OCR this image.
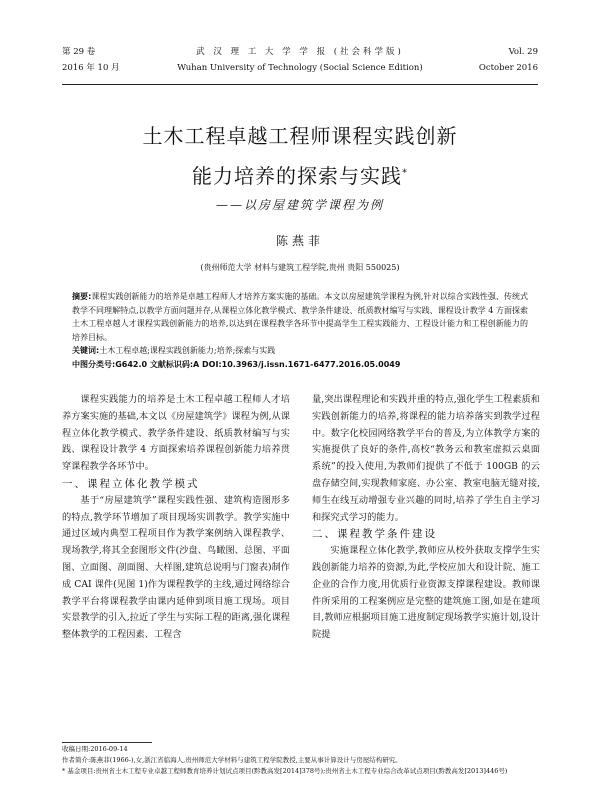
第 29 卷
2016 年 10 月
武 汉 理 工 大 学 学 报 (社会科学版)
Wuhan University of Technology (Social Science Edition)
Vol. 29
October 2016
土木工程卓越工程师课程实践创新
能力培养的探索与实践*
——以房屋建筑学课程为例
陈燕菲
(贵州师范大学 材料与建筑工程学院,贵州 贵阳 550025)

摘要:课程实践创新能力的培养是卓越工程师人才培养方案实施的基础。本文以房屋建筑学课程为例,针对以综合实践性强、传统式教学不同理解特点,以教学方面问题并存,从课程立体化教学模式、教学条件建设、纸质教材编写与实践、课程设计教学 4 方面探索土木工程卓越人才课程实践创新能力的培养,以达到在课程教学各环节中提高学生工程实践能力、工程设计能力和工程创新能力的培养目标。

关键词:土木工程卓越;课程实践创新能力;培养;探索与实践

中图分类号:G642.0 文献标识码:A DOI:10.3963/j.issn.1671-6477.2016.05.0049

课程实践能力的培养是土木工程卓越工程师人才培养方案实施的基础,本文以《房屋建筑学》课程为例,从课程立体化教学模式、教学条件建设、纸质教材编写与实践、课程设计教学 4 方面探索培养课程创新能力培养贯穿课程教学各环节中。

一、课程立体化教学模式

基于“房屋建筑学”课程实践性强、建筑构造图形多的特点,教学环节增加了项目现场实训教学。教学实施中通过区域内典型工程项目作为教学案例纳入课程教学、现场教学,将其全套图形文件(沙盘、鸟瞰图、总图、平面图、立面图、剖面图、大样图,建筑总说明与门窗表)制作成 CAI 课件(见图 1)作为课程教学的主线,通过网络综合教学平台将课程教学由课内延伸到项目施工现场。项目实景教学的引入,拉近了学生与实际工程的距离,强化课程整体教学的工程因素、工程含

量,突出课程理论和实践并重的特点,强化学生工程素质和实践创新能力的培养,将课程的能力培养落实到教学过程中。数字化校园网络教学平台的普及,为立体教学方案的实施提供了良好的条件,高校“教务云和教室虚拟云桌面系统”的投入使用,为教师们提供了不低于 100GB 的云盘存储空间,实现教师家庭、办公室、教室电脑无缝对接,师生在线互动增强专业兴趣的同时,培养了学生自主学习和探究式学习的能力。

二、课程教学条件建设

实施课程立体化教学,教师应从校外获取支撑学生实践创新能力培养的资源,为此,学校应加大和设计院、施工企业的合作力度,用优质行业资源支撑课程建设。教师课件所采用的工程案例应是完整的建筑施工图,如是在建项目,教师应根据项目施工进度制定现场教学实施计划,设计院提

收稿日期:2016-09-14

作者简介:陈燕菲(1966-),女,浙江省临海人,贵州师范大学材料与建筑工程学院教授,主要从事计算设计与房屋结构研究。

* 基金项目:贵州省土木工程专业卓越工程师教育培养计划试点项目(黔教高发[2014]378号);贵州省土木工程专业综合改革试点项目(黔教高发[2013]446号)
